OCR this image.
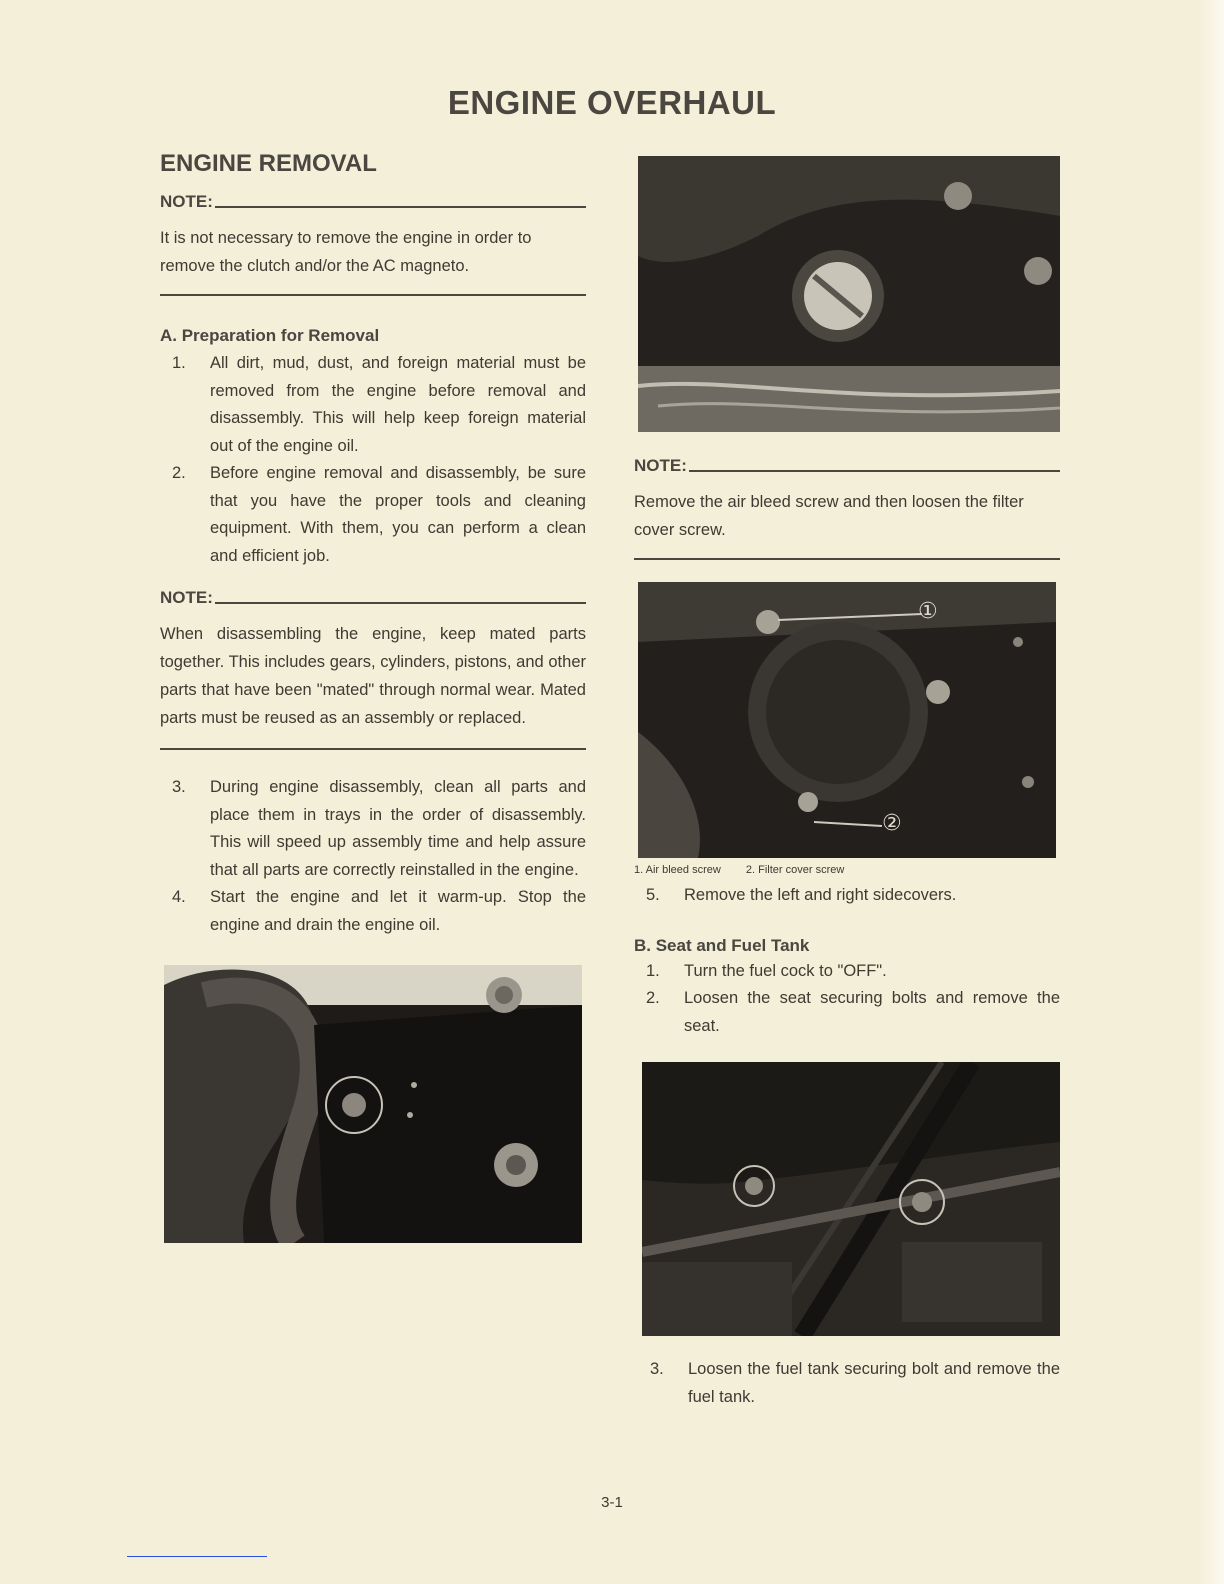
ENGINE OVERHAUL
ENGINE REMOVAL
NOTE:

It is not necessary to remove the engine in order to remove the clutch and/or the AC magneto.

A. Preparation for Removal
1.	All dirt, mud, dust, and foreign material must be removed from the engine before removal and disassembly. This will help keep foreign material out of the engine oil.
2.	Before engine removal and disassembly, be sure that you have the proper tools and cleaning equipment. With them, you can perform a clean and efficient job.
NOTE:

When disassembling the engine, keep mated parts together. This includes gears, cylinders, pistons, and other parts that have been "mated" through normal wear. Mated parts must be reused as an assembly or replaced.

3.	During engine disassembly, clean all parts and place them in trays in the order of disassembly. This will speed up assembly time and help assure that all parts are correctly reinstalled in the engine.
4.	Start the engine and let it warm-up. Stop the engine and drain the engine oil.
NOTE:

Remove the air bleed screw and then loosen the filter cover screw.

①
②
1. Air bleed screw 2. Filter cover screw
5.	Remove the left and right sidecovers.
B. Seat and Fuel Tank
1.	Turn the fuel cock to "OFF".
2.	Loosen the seat securing bolts and remove the seat.
3.	Loosen the fuel tank securing bolt and remove the fuel tank.
3-1
